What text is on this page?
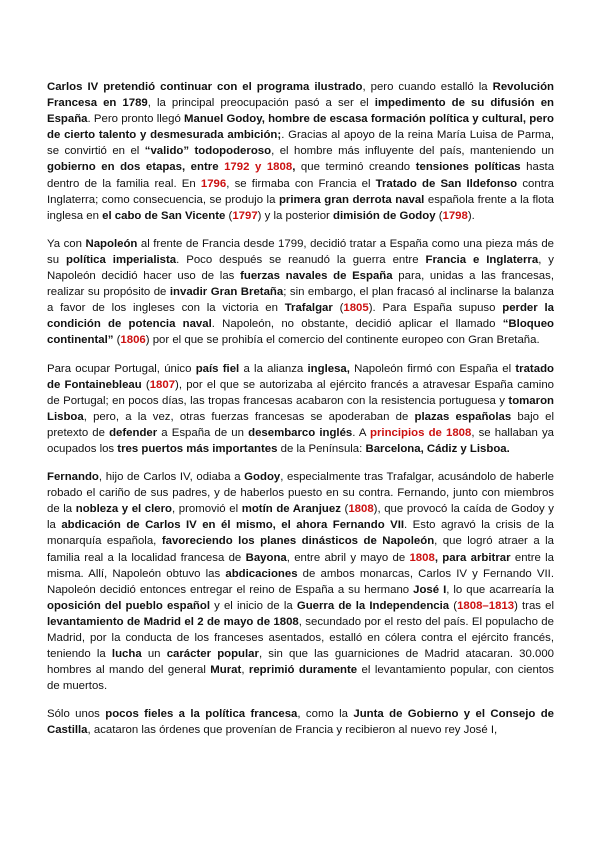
Carlos IV pretendió continuar con el programa ilustrado, pero cuando estalló la Revolución Francesa en 1789, la principal preocupación pasó a ser el impedimento de su difusión en España. Pero pronto llegó Manuel Godoy, hombre de escasa formación política y cultural, pero de cierto talento y desmesurada ambición;. Gracias al apoyo de la reina María Luisa de Parma, se convirtió en el “valido” todopoderoso, el hombre más influyente del país, manteniendo un gobierno en dos etapas, entre 1792 y 1808, que terminó creando tensiones políticas hasta dentro de la familia real. En 1796, se firmaba con Francia el Tratado de San Ildefonso contra Inglaterra; como consecuencia, se produjo la primera gran derrota naval española frente a la flota inglesa en el cabo de San Vicente (1797) y la posterior dimisión de Godoy (1798).

Ya con Napoleón al frente de Francia desde 1799, decidió tratar a España como una pieza más de su política imperialista. Poco después se reanudó la guerra entre Francia e Inglaterra, y Napoleón decidió hacer uso de las fuerzas navales de España para, unidas a las francesas, realizar su propósito de invadir Gran Bretaña; sin embargo, el plan fracasó al inclinarse la balanza a favor de los ingleses con la victoria en Trafalgar (1805). Para España supuso perder la condición de potencia naval. Napoleón, no obstante, decidió aplicar el llamado “Bloqueo continental” (1806) por el que se prohibía el comercio del continente europeo con Gran Bretaña.

Para ocupar Portugal, único país fiel a la alianza inglesa, Napoleón firmó con España el tratado de Fontainebleau (1807), por el que se autorizaba al ejército francés a atravesar España camino de Portugal; en pocos días, las tropas francesas acabaron con la resistencia portuguesa y tomaron Lisboa, pero, a la vez, otras fuerzas francesas se apoderaban de plazas españolas bajo el pretexto de defender a España de un desembarco inglés. A principios de 1808, se hallaban ya ocupados los tres puertos más importantes de la Península: Barcelona, Cádiz y Lisboa.

Fernando, hijo de Carlos IV, odiaba a Godoy, especialmente tras Trafalgar, acusándolo de haberle robado el cariño de sus padres, y de haberlos puesto en su contra. Fernando, junto con miembros de la nobleza y el clero, promovió el motín de Aranjuez (1808), que provocó la caída de Godoy y la abdicación de Carlos IV en él mismo, el ahora Fernando VII. Esto agravó la crisis de la monarquía española, favoreciendo los planes dinásticos de Napoleón, que logró atraer a la familia real a la localidad francesa de Bayona, entre abril y mayo de 1808, para arbitrar entre la misma. Allí, Napoleón obtuvo las abdicaciones de ambos monarcas, Carlos IV y Fernando VII. Napoleón decidió entonces entregar el reino de España a su hermano José I, lo que acarrearía la oposición del pueblo español y el inicio de la Guerra de la Independencia (1808–1813) tras el levantamiento de Madrid el 2 de mayo de 1808, secundado por el resto del país. El populacho de Madrid, por la conducta de los franceses asentados, estalló en cólera contra el ejército francés, teniendo la lucha un carácter popular, sin que las guarniciones de Madrid atacaran. 30.000 hombres al mando del general Murat, reprimió duramente el levantamiento popular, con cientos de muertos.

Sólo unos pocos fieles a la política francesa, como la Junta de Gobierno y el Consejo de Castilla, acataron las órdenes que provenían de Francia y recibieron al nuevo rey José I,
